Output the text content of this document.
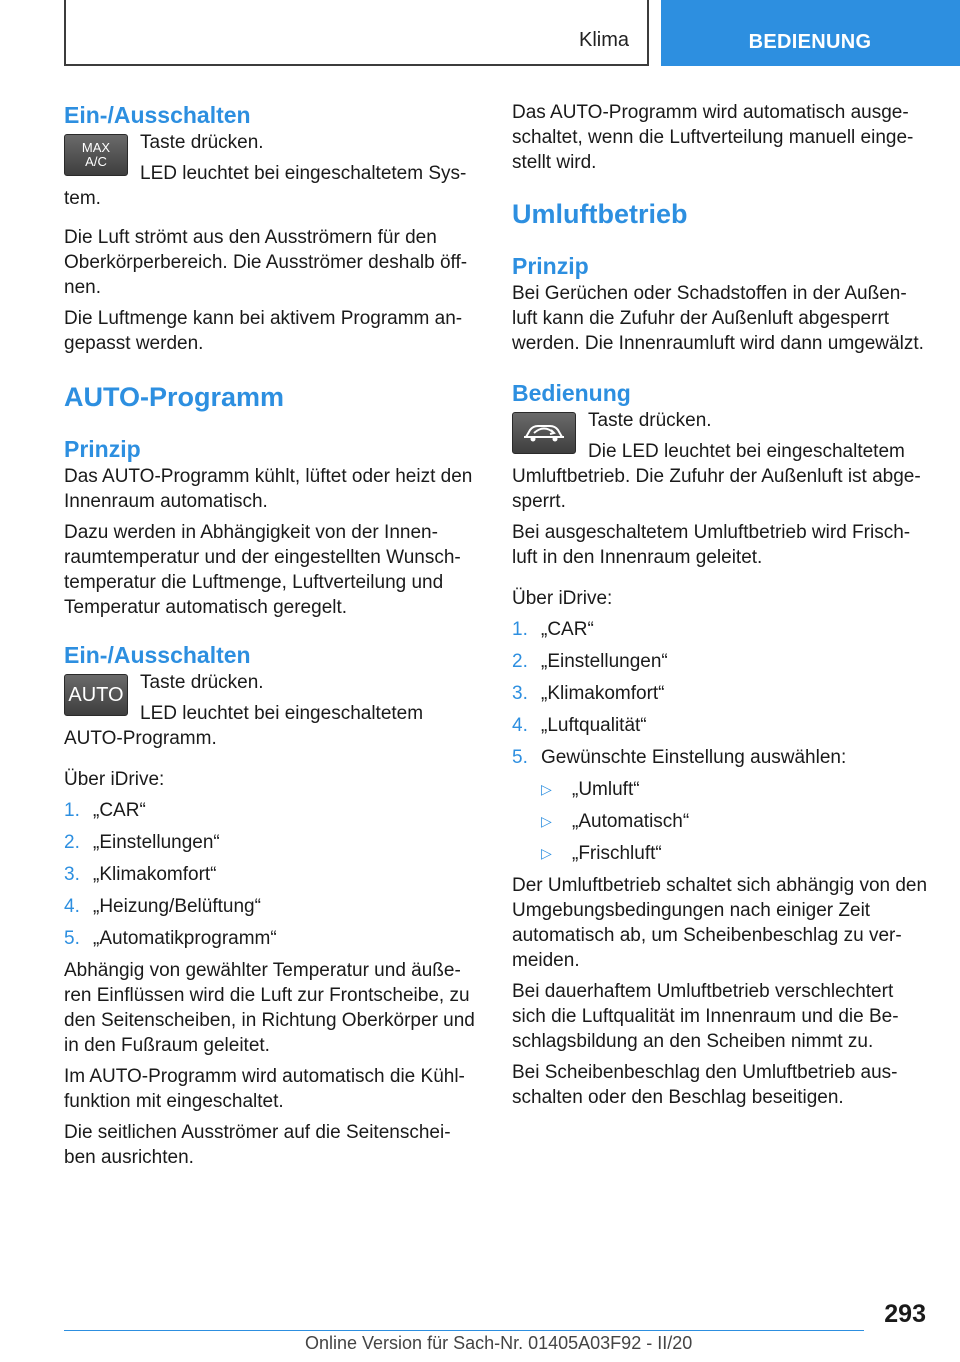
Klima	BEDIENUNG
Ein-/Ausschalten
MAX
A/C

Taste drücken.

LED leuchtet bei eingeschaltetem Sys-

tem.

Die Luft strömt aus den Ausströmern für den Oberkörperbereich. Die Ausströmer deshalb öff-nen.

Die Luftmenge kann bei aktivem Programm an-gepasst werden.

AUTO-Programm
Prinzip

Das AUTO-Programm kühlt, lüftet oder heizt den Innenraum automatisch.

Dazu werden in Abhängigkeit von der Innen-raumtemperatur und der eingestellten Wunsch-temperatur die Luftmenge, Luftverteilung und Temperatur automatisch geregelt.

Ein-/Ausschalten
AUTO

Taste drücken.

LED leuchtet bei eingeschaltetem

AUTO-Programm.

Über iDrive:

1. „CAR“
2. „Einstellungen“
3. „Klimakomfort“
4. „Heizung/Belüftung“
5. „Automatikprogramm“

Abhängig von gewählter Temperatur und äuße-ren Einflüssen wird die Luft zur Frontscheibe, zu den Seitenscheiben, in Richtung Oberkörper und in den Fußraum geleitet.

Im AUTO-Programm wird automatisch die Kühl-funktion mit eingeschaltet.

Die seitlichen Ausströmer auf die Seitenschei-ben ausrichten.

Das AUTO-Programm wird automatisch ausge-schaltet, wenn die Luftverteilung manuell einge-stellt wird.

Umluftbetrieb
Prinzip

Bei Gerüchen oder Schadstoffen in der Außen-luft kann die Zufuhr der Außenluft abgesperrt werden. Die Innenraumluft wird dann umgewälzt.

Bedienung

Taste drücken.

Die LED leuchtet bei eingeschaltetem

Umluftbetrieb. Die Zufuhr der Außenluft ist abge-sperrt.

Bei ausgeschaltetem Umluftbetrieb wird Frisch-luft in den Innenraum geleitet.

Über iDrive:

1. „CAR“
2. „Einstellungen“
3. „Klimakomfort“
4. „Luftqualität“
5. Gewünschte Einstellung auswählen:
▷ „Umluft“
▷ „Automatisch“
▷ „Frischluft“

Der Umluftbetrieb schaltet sich abhängig von den Umgebungsbedingungen nach einiger Zeit automatisch ab, um Scheibenbeschlag zu ver-meiden.

Bei dauerhaftem Umluftbetrieb verschlechtert sich die Luftqualität im Innenraum und die Be-schlagsbildung an den Scheiben nimmt zu.

Bei Scheibenbeschlag den Umluftbetrieb aus-schalten oder den Beschlag beseitigen.

293
Online Version für Sach-Nr. 01405A03F92 - II/20
